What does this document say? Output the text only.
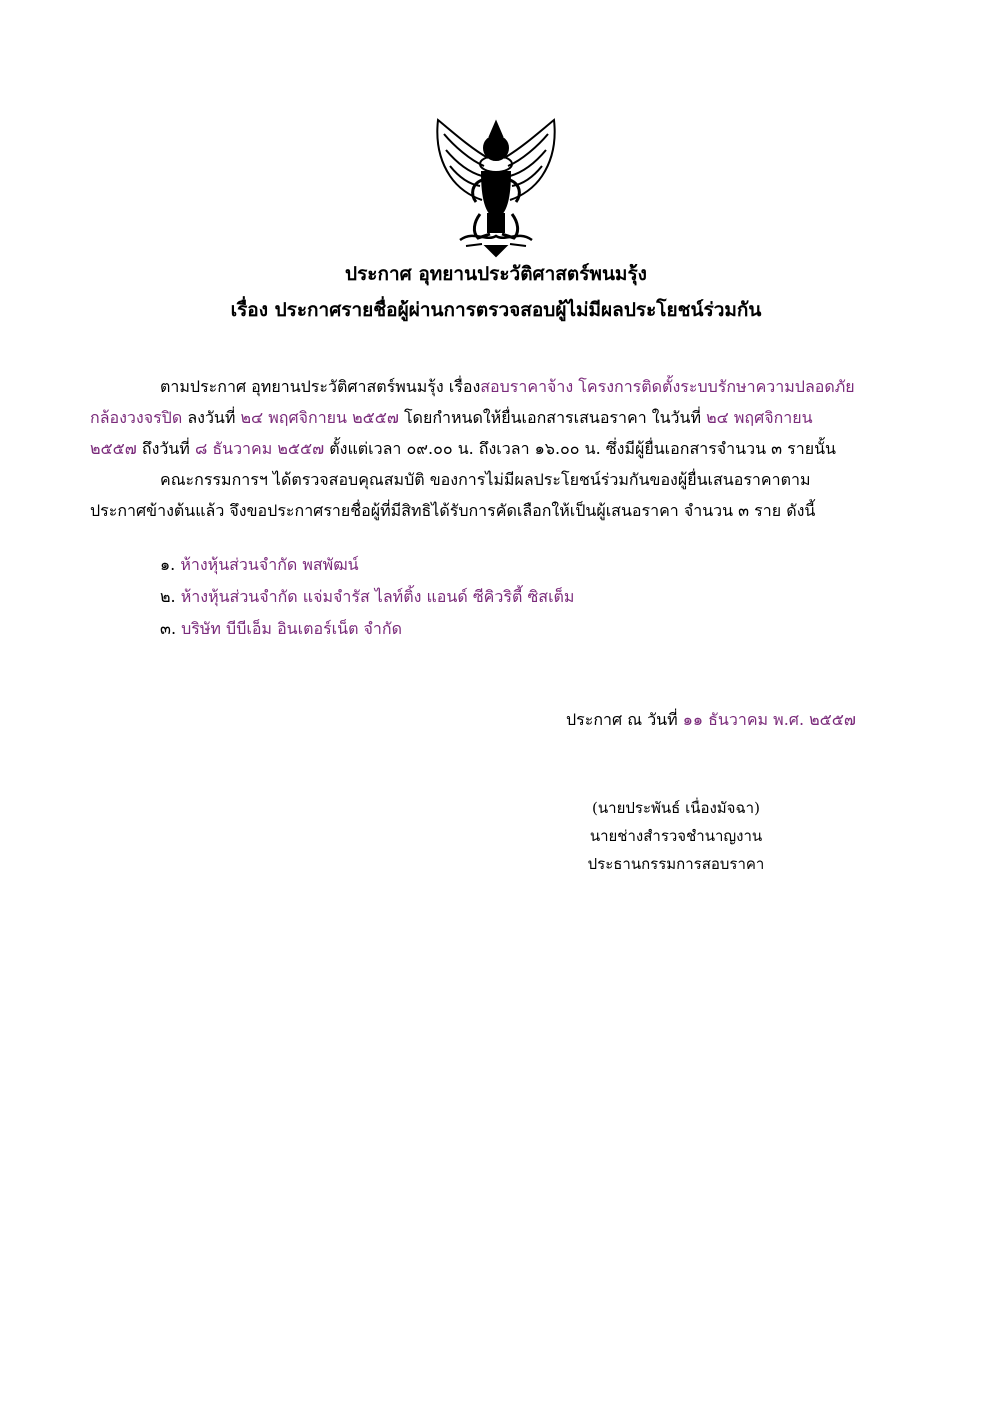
ประกาศ อุทยานประวัติศาสตร์พนมรุ้ง
เรื่อง ประกาศรายชื่อผู้ผ่านการตรวจสอบผู้ไม่มีผลประโยชน์ร่วมกัน
ตามประกาศ อุทยานประวัติศาสตร์พนมรุ้ง เรื่องสอบราคาจ้าง โครงการติดตั้งระบบรักษาความปลอดภัย
กล้องวงจรปิด ลงวันที่ ๒๔ พฤศจิกายน ๒๕๕๗ โดยกำหนดให้ยื่นเอกสารเสนอราคา ในวันที่ ๒๔ พฤศจิกายน
๒๕๕๗ ถึงวันที่ ๘ ธันวาคม ๒๕๕๗ ตั้งแต่เวลา ๐๙.๐๐ น. ถึงเวลา ๑๖.๐๐ น. ซึ่งมีผู้ยื่นเอกสารจำนวน ๓ รายนั้น
คณะกรรมการฯ ได้ตรวจสอบคุณสมบัติ ของการไม่มีผลประโยชน์ร่วมกันของผู้ยื่นเสนอราคาตาม
ประกาศข้างต้นแล้ว จึงขอประกาศรายชื่อผู้ที่มีสิทธิได้รับการคัดเลือกให้เป็นผู้เสนอราคา จำนวน ๓ ราย ดังนี้
๑. ห้างหุ้นส่วนจำกัด พสพัฒน์
๒. ห้างหุ้นส่วนจำกัด แจ่มจำรัส ไลท์ติ้ง แอนด์ ซีคิวริตี้ ซิสเต็ม
๓. บริษัท บีบีเอ็ม อินเตอร์เน็ต จำกัด
ประกาศ ณ วันที่ ๑๑ ธันวาคม พ.ศ. ๒๕๕๗
(นายประพันธ์ เนื่องมัจฉา)
นายช่างสำรวจชำนาญงาน
ประธานกรรมการสอบราคา
